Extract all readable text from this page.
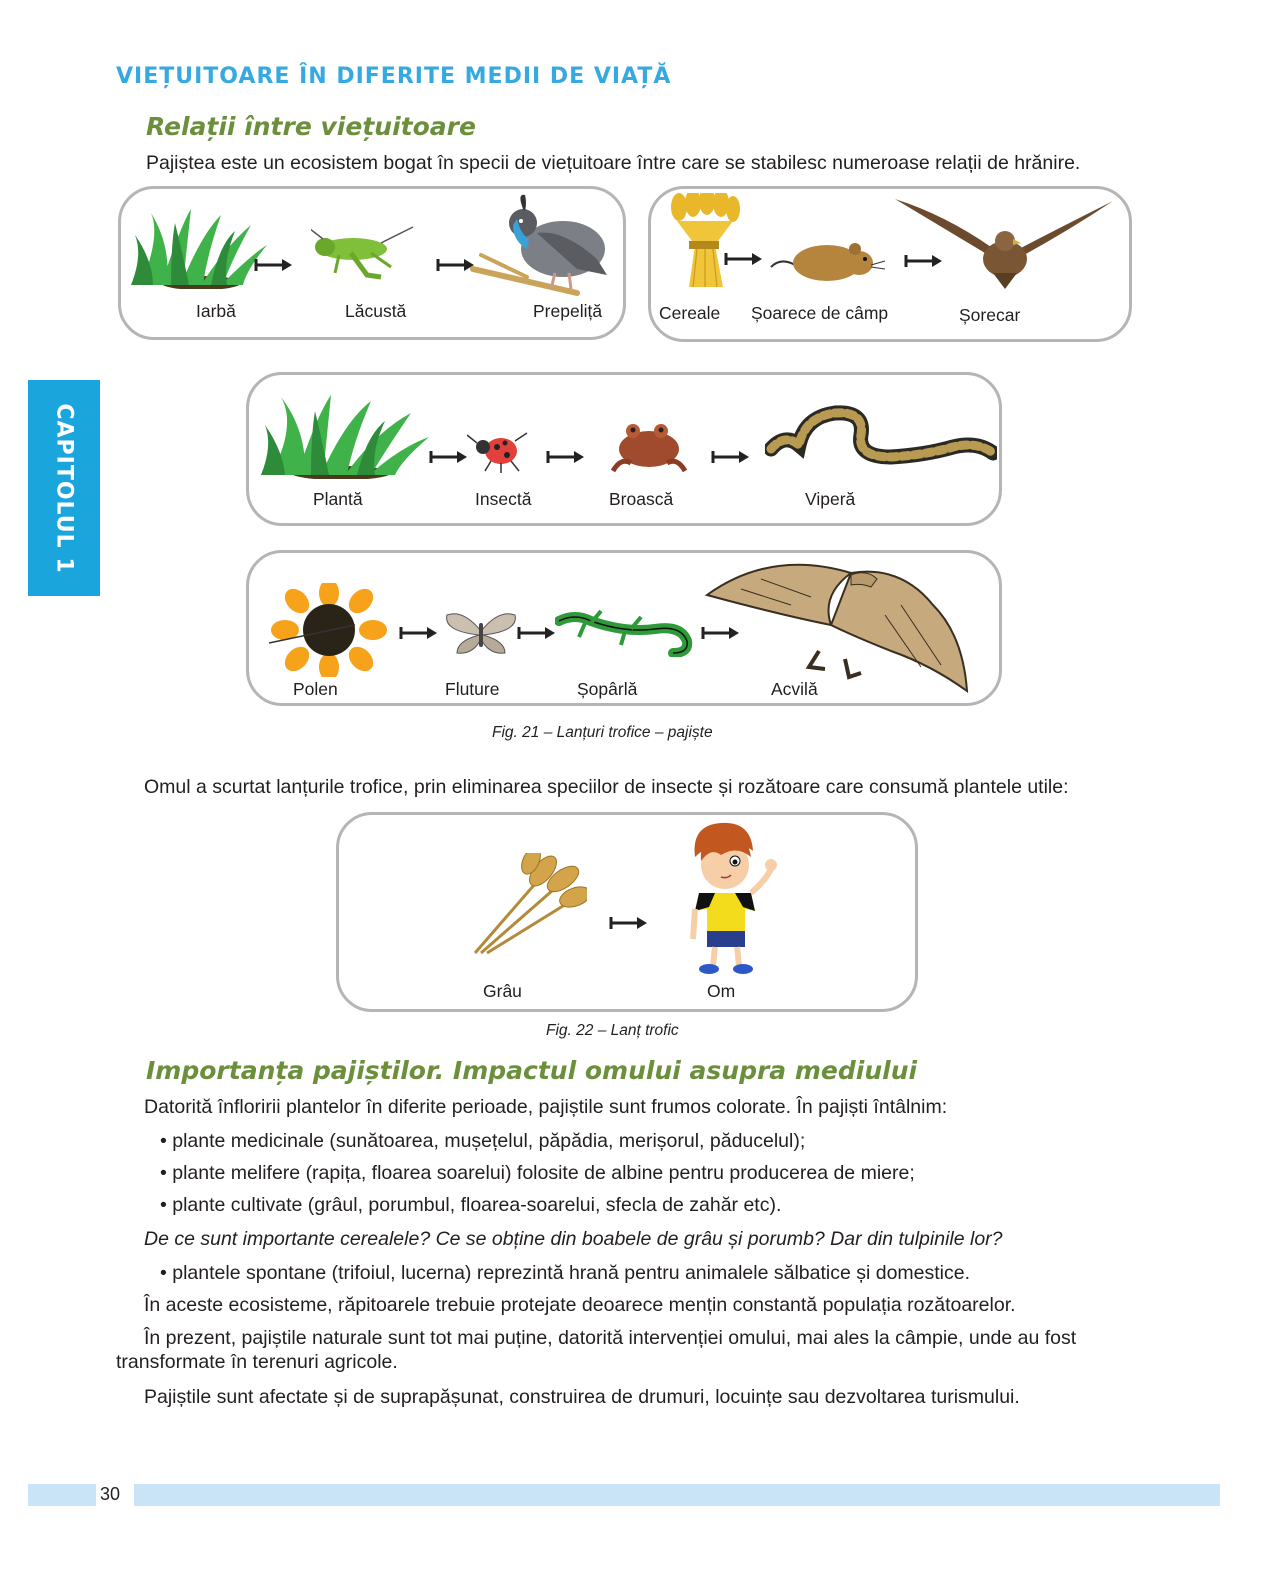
VIEȚUITOARE ÎN DIFERITE MEDII DE VIAȚĂ
CAPITOLUL 1
Relații între viețuitoare
Pajiștea este un ecosistem bogat în specii de viețuitoare între care se stabilesc numeroase relații de hrănire.
Iarbă	Lăcustă	Prepeliță	Cereale Șoarece de câmp	Șorecar
Plantă	Insectă	Broască	Viperă
Polen	Fluture	Șopârlă	Acvilă
Fig. 21 – Lanțuri trofice – pajiște
Omul a scurtat lanțurile trofice, prin eliminarea speciilor de insecte și rozătoare care consumă plantele utile:
Grâu	Om
Fig. 22 – Lanț trofic
Importanța pajiștilor. Impactul omului asupra mediului
Datorită înfloririi plantelor în diferite perioade, pajiștile sunt frumos colorate. În pajiști întâlnim:
• plante medicinale (sunătoarea, mușețelul, păpădia, merișorul, păducelul);
• plante melifere (rapița, floarea soarelui) folosite de albine pentru producerea de miere;
• plante cultivate (grâul, porumbul, floarea-soarelui, sfecla de zahăr etc).
De ce sunt importante cerealele? Ce se obține din boabele de grâu și porumb? Dar din tulpinile lor?
• plantele spontane (trifoiul, lucerna) reprezintă hrană pentru animalele sălbatice și domestice.
În aceste ecosisteme, răpitoarele trebuie protejate deoarece mențin constantă populația rozătoarelor.
În prezent, pajiștile naturale sunt tot mai puține, datorită intervenției omului, mai ales la câmpie, unde au fost transformate în terenuri agricole.
Pajiștile sunt afectate și de suprapășunat, construirea de drumuri, locuințe sau dezvoltarea turismului.
30
